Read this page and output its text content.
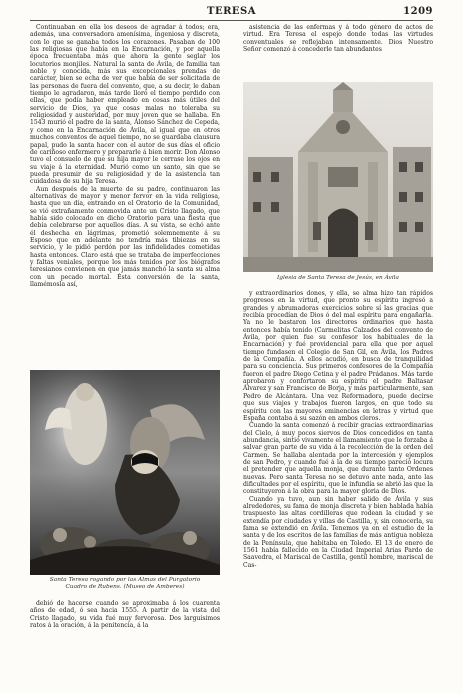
TERESA	1209

Continuaban en ella los deseos de agradar á todos; era, además, una conversadora amenísima, ingeniosa y discreta, con lo que se ganaba todos los corazones. Pasaban de 100 las religiosas que había en la Encarnación, y por aquella época frecuentaba más que ahora la gente seglar los locutorios monjiles. Natural la santa de Ávila, de familia tan noble y conocida, más sus excepcionales prendas de carácter, bien se echa de ver que había de ser solicitada de las personas de fuera del convento, que, a su decir, le daban tiempo le agradaron, más tarde lloró el tiempo perdido con ellas, que podía haber empleado en cosas más útiles del servicio de Dios, ya que cosas malas no toleraba su religiosidad y austeridad, por muy joven que se hallaba. En 1543 murió el padre de la santa, Alonso Sánchez de Cepeda, y como en la Encarnación de Ávila, al igual que en otros muchos conventos de aquel tiempo, no se guardaba clausura papal, pudo la santa hacer con el autor de sus días el oficio de cariñoso enfermero y prepararle á bien morir. Don Alonso tuvo el consuelo de que su hija mayor le cerrase los ojos en su viaje á la eternidad. Murió como un santo, sin que se pueda presumir de su religiosidad y de la asistencia tan cuidadosa de su hija Teresa.

Aun después de la muerte de su padre, continuaron las alternativas de mayor y menor fervor en la vida religiosa, hasta que un día, entrando en el Oratorio de la Comunidad, se vió extrañamente conmovida ante un Cristo llagado, que había sido colocado en dicho Oratorio para una fiesta que debía celebrarse por aquellos días. A su vista, se echó ante él deshecha en lágrimas, prometió solemnemente á su Esposo que en adelante no tendría más tibiezas en su servicio, y le pidió perdón por las infidelidades cometidas hasta entonces. Claro está que se trataba de imperfecciones y faltas veniales, porque los más tenidos por los biógrafos teresianos convienen en que jamás manchó la santa su alma con un pecado mortal. Ésta conversión de la santa, llamémosla así,

Santa Teresa rogando por las Almas del Purgatorio
Cuadro de Rubens. (Museo de Amberes)

debió de hacerse cuando se aproximaba á los cuarenta años de edad, ó sea hacia 1555. A partir de la vista del Cristo llagado, su vida fué muy fervorosa. Dos larguísimos ratos á la oración, á la penitencia, á la

asistencia de las enfermas y á todo género de actos de virtud. Era Teresa el espejo donde todas las virtudes conventuales se reflejaban intensamente. Dios Nuestro Señor comenzó á concederle tan abundantes

Iglesia de Santa Teresa de Jesús, en Ávila

y extraordinarios dones, y ella, se alma hizo tan rápidos progresos en la virtud, que pronto su espíritu ingresó a grandes y abrumadoras exercicios sobre sí las gracias que recibía procedían de Dios ó del mal espíritu para engañarla. Ya no le bastaron los directores ordinarios que hasta entonces había tenido (Carmelitas Calzados del convento de Ávila, por quien fue su confesor los habituales de la Encarnación) y fué providencial para ella que por aquel tiempo fundasen el Colegio de San Gil, en Ávila, los Padres de la Compañía. A ellos acudió, en busca de tranquilidad para su conciencia. Sus primeros confesores de la Compañía fueron el padre Diego Cetina y el padre Prádanos. Más tarde aprobaron y confortaron su espíritu el padre Baltasar Álvarez y san Francisco de Borja, y más particularmente, san Pedro de Alcántara. Una vez Reformadora, puede decirse que sus viajes y trabajos fueron largos, en que todo su espíritu con las mayores eminencias en letras y virtud que España contaba á su sazón en ambos cleros.

Cuando la santa comenzó á recibir gracias extraordinarias del Cielo, á muy pocos siervos de Dios concedidos en tanta abundancia, sintió vivamente el llamamiento que le forzaba á salvar gran parte de su vida á la recolección de la orden del Carmen. Se hallaba alentada por la intercesión y ejemplos de san Pedro, y cuando fué á la de su tiempo parecíó locura el pretender que aquella monja, que durante tanto Ordenes nuevas. Pero santa Teresa no se detuvo ante nada, ante las dificultades por el espíritu, que le infundía se abrió las que la constituyeron á la obra para la mayor gloria de Dios.

Cuando ya tuvo, aun sin haber salido de Ávila y sus alrededores, su fama de monja discreta y bien hablada había traspuesto las altas cordilleras que rodean la ciudad y se extendía por ciudades y villas de Castilla, y, sin conocerla, su fama se extendió en Ávila. Tenemos ya en el estudio de la santa y de los escritos de las familias de más antigua nobleza de la Península, que habitaba en Toledo. El 13 de enero de 1561 había fallecido en la Ciudad Imperial Arias Pardo de Saavedra, el Mariscal de Castilla, gentil hombre, mariscal de Cas-
